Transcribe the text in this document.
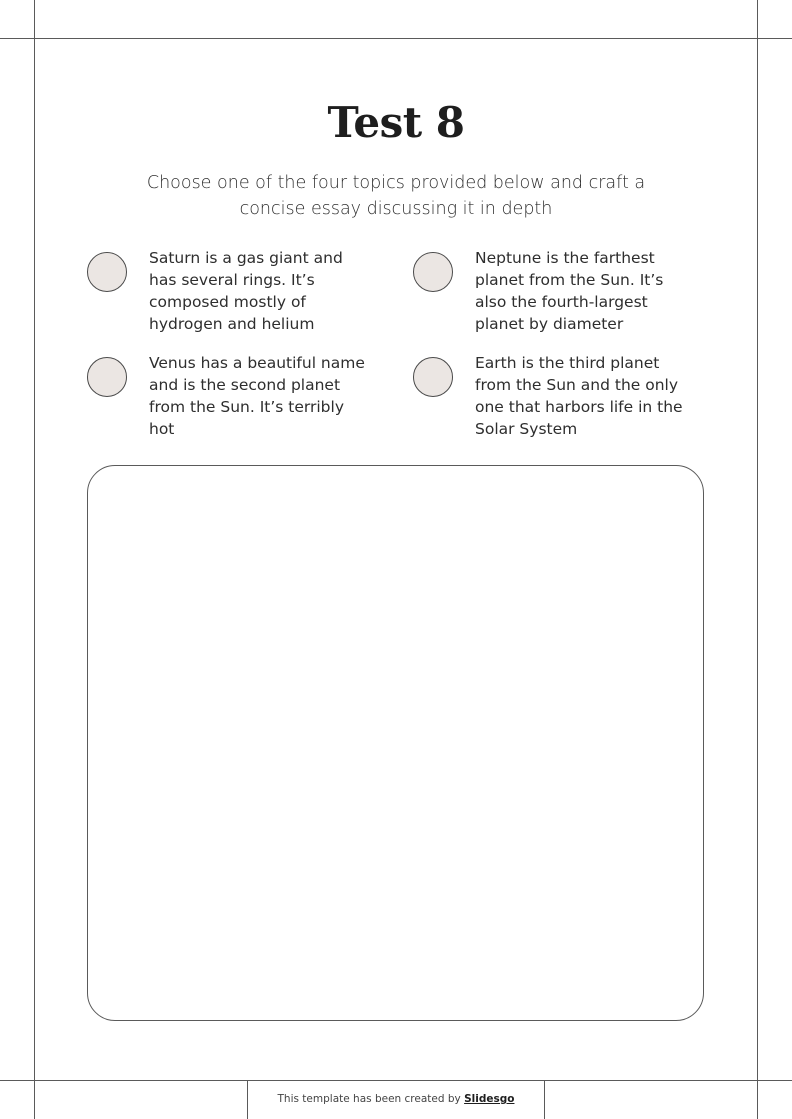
Test 8
Choose one of the four topics provided below and craft a concise essay discussing it in depth
Saturn is a gas giant and has several rings. It’s composed mostly of hydrogen and helium
Neptune is the farthest planet from the Sun. It’s also the fourth-largest planet by diameter
Venus has a beautiful name and is the second planet from the Sun. It’s terribly hot
Earth is the third planet from the Sun and the only one that harbors life in the Solar System
This template has been created by Slidesgo
